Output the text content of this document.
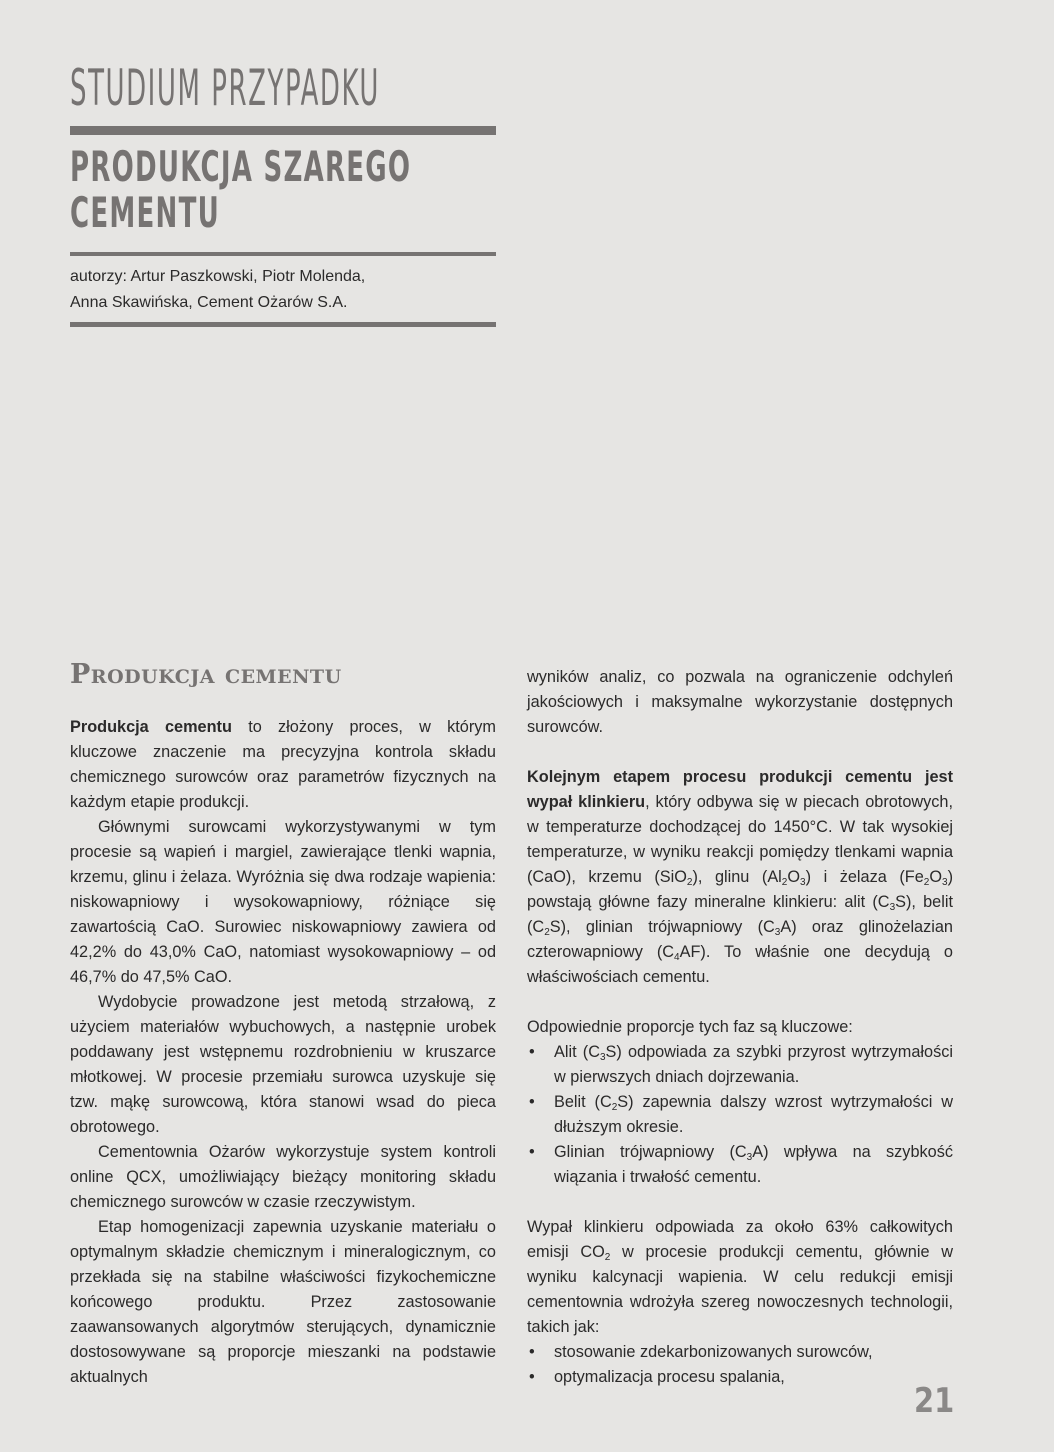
STUDIUM PRZYPADKU
PRODUKCJA SZAREGO
CEMENTU
autorzy: Artur Paszkowski, Piotr Molenda,
Anna Skawińska, Cement Ożarów S.A.
Produkcja cementu

Produkcja cementu to złożony proces, w którym kluczowe znaczenie ma precyzyjna kontrola składu chemicznego surowców oraz parametrów fizycznych na każdym etapie produkcji.

Głównymi surowcami wykorzystywanymi w tym procesie są wapień i margiel, zawierające tlenki wapnia, krzemu, glinu i żelaza. Wyróżnia się dwa rodzaje wapienia: niskowapniowy i wysokowapniowy, różniące się zawartością CaO. Surowiec niskowapniowy zawiera od 42,2% do 43,0% CaO, natomiast wysokowapniowy – od 46,7% do 47,5% CaO.

Wydobycie prowadzone jest metodą strzałową, z użyciem materiałów wybuchowych, a następnie urobek poddawany jest wstępnemu rozdrobnieniu w kruszarce młotkowej. W procesie przemiału surowca uzyskuje się tzw. mąkę surowcową, która stanowi wsad do pieca obrotowego.

Cementownia Ożarów wykorzystuje system kontroli online QCX, umożliwiający bieżący monitoring składu chemicznego surowców w czasie rzeczywistym.

Etap homogenizacji zapewnia uzyskanie materiału o optymalnym składzie chemicznym i mineralogicznym, co przekłada się na stabilne właściwości fizykochemiczne końcowego produktu. Przez zastosowanie zaawansowanych algorytmów sterujących, dynamicznie dostosowywane są proporcje mieszanki na podstawie aktualnych

wyników analiz, co pozwala na ograniczenie odchyleń jakościowych i maksymalne wykorzystanie dostępnych surowców.

Kolejnym etapem procesu produkcji cementu jest wypał klinkieru, który odbywa się w piecach obrotowych, w temperaturze dochodzącej do 1450°C. W tak wysokiej temperaturze, w wyniku reakcji pomiędzy tlenkami wapnia (CaO), krzemu (SiO$_2$), glinu $(Al_2O_3)$ i żelaza $(Fe_2O_3)$ powstają główne fazy mineralne klinkieru: alit $(C_3S)$, belit $(C_2S)$, glinian trójwapniowy $(C_3A)$ oraz glinożelazian czterowapniowy $(C_4AF)$. To właśnie one decydują o właściwościach cementu.

Odpowiednie proporcje tych faz są kluczowe:

• Alit $(C_3S)$ odpowiada za szybki przyrost wytrzymałości w pierwszych dniach dojrzewania.
• Belit $(C_2S)$ zapewnia dalszy wzrost wytrzymałości w dłuższym okresie.
• Glinian trójwapniowy $(C_3A)$ wpływa na szybkość wiązania i trwałość cementu.

Wypał klinkieru odpowiada za około 63% całkowitych emisji $CO_2$ w procesie produkcji cementu, głównie w wyniku kalcynacji wapienia. W celu redukcji emisji cementownia wdrożyła szereg nowoczesnych technologii, takich jak:

• stosowanie zdekarbonizowanych surowców,
• optymalizacja procesu spalania,
21
